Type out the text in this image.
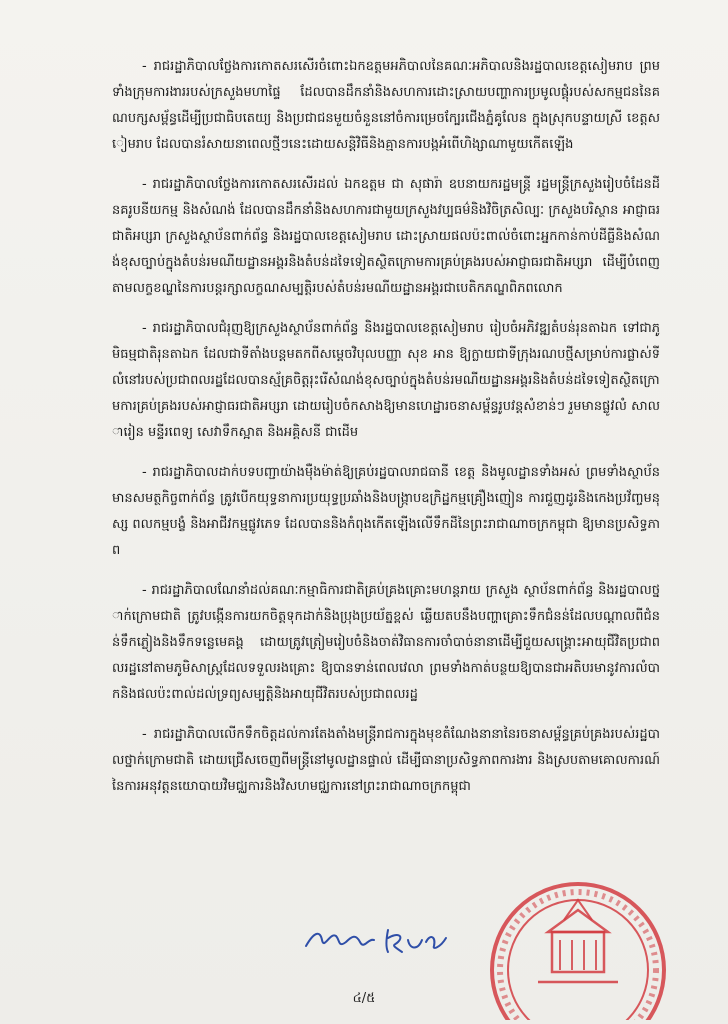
- រាជរដ្ឋាភិបាលថ្លែងការកោតសរសើរចំពោះឯកឧត្តមអភិបាលនៃគណៈអភិបាលនិងរដ្ឋបាលខេត្តសៀមរាប ព្រមទាំងក្រុមការងាររបស់ក្រសួងមហាផ្ទៃ ដែលបានដឹកនាំនិងសហការដោះស្រាយបញ្ហាការប្រមូលផ្ដុំរបស់សកម្មជននៃគណបក្សសម្ព័ន្ធដើម្បីប្រជាធិបតេយ្យ និងប្រជាជនមួយចំនួននៅចំការម្រេចក្បែរជើងភ្នំគូលែន ក្នុងស្រុកបន្ទាយស្រី ខេត្តសៀមរាប ដែលបានរំសាយនាពេលថ្មីៗនេះដោយសន្តិវិធីនិងគ្មានការបង្កអំពើហិង្សាណាមួយកើតឡើង

- រាជរដ្ឋាភិបាលថ្លែងការកោតសរសើរដល់ ឯកឧត្តម ជា សុផារ៉ា ឧបនាយករដ្ឋមន្ត្រី រដ្ឋមន្ត្រីក្រសួងរៀបចំដែនដី នគរូបនីយកម្ម និងសំណង់ ដែលបានដឹកនាំនិងសហការជាមួយក្រសួងវប្បធម៌និងវិចិត្រសិល្បៈ ក្រសួងបរិស្ថាន អាជ្ញាធរជាតិអប្សរា ក្រសួងស្ថាប័នពាក់ព័ន្ធ និងរដ្ឋបាលខេត្តសៀមរាប ដោះស្រាយផលប៉ះពាល់ចំពោះអ្នកកាន់កាប់ដីធ្លីនិងសំណង់ខុសច្បាប់ក្នុងតំបន់រមណីយដ្ឋានអង្គរនិងតំបន់ដទៃទៀតស្ថិតក្រោមការគ្រប់គ្រងរបស់អាជ្ញាធរជាតិអប្សរា ដើម្បីបំពេញតាមលក្ខខណ្ឌនៃការបន្តរក្សាលក្ខណសម្បត្តិរបស់តំបន់រមណីយដ្ឋានអង្គរជាបេតិកភណ្ឌពិភពលោក

- រាជរដ្ឋាភិបាលជំរុញឱ្យក្រសួងស្ថាប័នពាក់ព័ន្ធ និងរដ្ឋបាលខេត្តសៀមរាប រៀបចំអភិវឌ្ឍតំបន់រុនតាឯក ទៅជាភូមិធម្មជាតិរុនតាឯក ដែលជាទីតាំងបន្តមតកពីសម្ដេចវិបុលបញ្ញា សុខ អាន ឱ្យក្លាយជាទីក្រុងរណបថ្មីសម្រាប់ការផ្លាស់ទីលំនៅរបស់ប្រជាពលរដ្ឋដែលបានស្ម័គ្រចិត្តរុះរើសំណង់ខុសច្បាប់ក្នុងតំបន់រមណីយដ្ឋានអង្គរនិងតំបន់ដទៃទៀតស្ថិតក្រោមការគ្រប់គ្រងរបស់អាជ្ញាធរជាតិអប្សរា ដោយរៀបចំកសាងឱ្យមានហេដ្ឋារចនាសម្ព័ន្ធរូបវន្តសំខាន់ៗ រួមមានផ្លូវលំ សាលារៀន មន្ទីរពេទ្យ សេវាទឹកស្អាត និងអគ្គិសនី ជាដើម

- រាជរដ្ឋាភិបាលដាក់បទបញ្ជាយ៉ាងម៉ឺងម៉ាត់ឱ្យគ្រប់រដ្ឋបាលរាជធានី ខេត្ត និងមូលដ្ឋានទាំងអស់ ព្រមទាំងស្ថាប័នមានសមត្ថកិច្ចពាក់ព័ន្ធ ត្រូវបើកយុទ្ធនាការប្រយុទ្ធប្រឆាំងនិងបង្ក្រាបឧក្រិដ្ឋកម្មគ្រឿងញៀន ការជួញដូរនិងកេងប្រវ័ញ្ចមនុស្ស ពលកម្មបង្ខំ និងអាជីវកម្មផ្លូវភេទ ដែលបាននិងកំពុងកើតឡើងលើទឹកដីនៃព្រះរាជាណាចក្រកម្ពុជា ឱ្យមានប្រសិទ្ធភាព

- រាជរដ្ឋាភិបាលណែនាំដល់គណៈកម្មាធិការជាតិគ្រប់គ្រងគ្រោះមហន្តរាយ ក្រសួង ស្ថាប័នពាក់ព័ន្ធ និងរដ្ឋបាលថ្នាក់ក្រោមជាតិ ត្រូវបង្កើនការយកចិត្តទុកដាក់និងប្រុងប្រយ័ត្នខ្ពស់ ឆ្លើយតបនឹងបញ្ហាគ្រោះទឹកជំនន់ដែលបណ្ដាលពីជំនន់ទឹកភ្លៀងនិងទឹកទន្លេមេគង្គ ដោយត្រូវត្រៀមរៀបចំនិងចាត់វិធានការចាំបាច់នានាដើម្បីជួយសង្គ្រោះអាយុជីវិតប្រជាពលរដ្ឋនៅតាមភូមិសាស្ត្រដែលទទួលរងគ្រោះ ឱ្យបានទាន់ពេលវេលា ព្រមទាំងកាត់បន្ថយឱ្យបានជាអតិបរមានូវការលំបាកនិងផលប៉ះពាល់ដល់ទ្រព្យសម្បត្តិនិងអាយុជីវិតរបស់ប្រជាពលរដ្ឋ

- រាជរដ្ឋាភិបាលលើកទឹកចិត្តដល់ការតែងតាំងមន្ត្រីរាជការក្នុងមុខតំណែងនានានៃរចនាសម្ព័ន្ធគ្រប់គ្រងរបស់រដ្ឋបាលថ្នាក់ក្រោមជាតិ ដោយជ្រើសចេញពីមន្ត្រីនៅមូលដ្ឋានផ្ទាល់ ដើម្បីធានាប្រសិទ្ធភាពការងារ និងស្របតាមគោលការណ៍នៃការអនុវត្តនយោបាយវិមជ្ឈការនិងវិសហមជ្ឈការនៅព្រះរាជាណាចក្រកម្ពុជា

៤/៥
